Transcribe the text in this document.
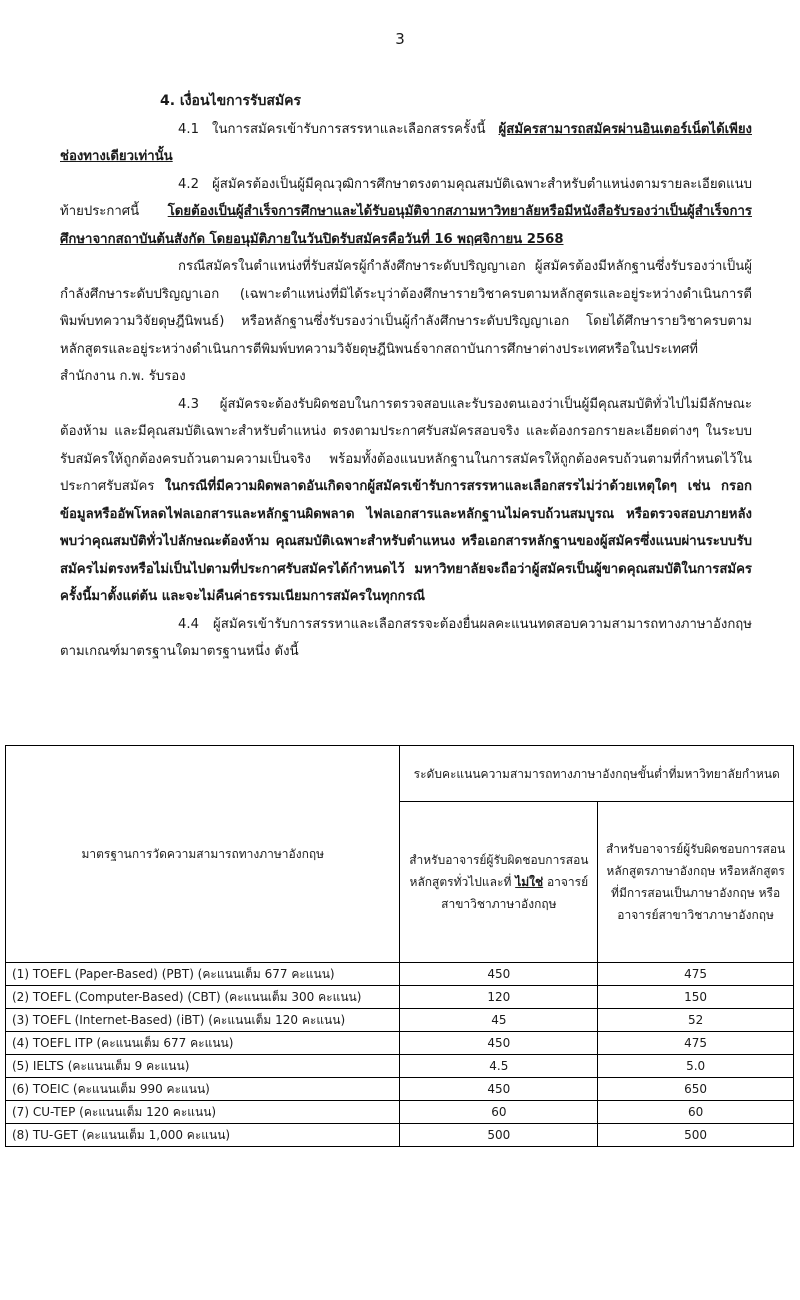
3

4. เงื่อนไขการรับสมัคร

4.1 ในการสมัครเข้ารับการสรรหาและเลือกสรรครั้งนี้ ผู้สมัครสามารถสมัครผ่านอินเตอร์เน็ตได้เพียงช่องทางเดียวเท่านั้น

4.2 ผู้สมัครต้องเป็นผู้มีคุณวุฒิการศึกษาตรงตามคุณสมบัติเฉพาะสำหรับตำแหน่งตามรายละเอียดแนบท้ายประกาศนี้ โดยต้องเป็นผู้สำเร็จการศึกษาและได้รับอนุมัติจากสภามหาวิทยาลัยหรือมีหนังสือรับรองว่าเป็นผู้สำเร็จการศึกษาจากสถาบันต้นสังกัด โดยอนุมัติภายในวันปิดรับสมัครคือวันที่ 16 พฤศจิกายน 2568

กรณีสมัครในตำแหน่งที่รับสมัครผู้กำลังศึกษาระดับปริญญาเอก ผู้สมัครต้องมีหลักฐานซึ่งรับรองว่าเป็นผู้กำลังศึกษาระดับปริญญาเอก (เฉพาะตำแหน่งที่มิได้ระบุว่าต้องศึกษารายวิชาครบตามหลักสูตรและอยู่ระหว่างดำเนินการตีพิมพ์บทความวิจัยดุษฎีนิพนธ์) หรือหลักฐานซึ่งรับรองว่าเป็นผู้กำลังศึกษาระดับปริญญาเอก โดยได้ศึกษารายวิชาครบตามหลักสูตรและอยู่ระหว่างดำเนินการตีพิมพ์บทความวิจัยดุษฎีนิพนธ์จากสถาบันการศึกษาต่างประเทศหรือในประเทศที่สำนักงาน ก.พ. รับรอง

4.3 ผู้สมัครจะต้องรับผิดชอบในการตรวจสอบและรับรองตนเองว่าเป็นผู้มีคุณสมบัติทั่วไปไม่มีลักษณะต้องห้าม และมีคุณสมบัติเฉพาะสำหรับตำแหน่ง ตรงตามประกาศรับสมัครสอบจริง และต้องกรอกรายละเอียดต่างๆ ในระบบรับสมัครให้ถูกต้องครบถ้วนตามความเป็นจริง พร้อมทั้งต้องแนบหลักฐานในการสมัครให้ถูกต้องครบถ้วนตามที่กำหนดไว้ในประกาศรับสมัคร ในกรณีที่มีความผิดพลาดอันเกิดจากผู้สมัครเข้ารับการสรรหาและเลือกสรรไม่ว่าด้วยเหตุใดๆ เช่น กรอกข้อมูลหรืออัพโหลดไฟลเอกสารและหลักฐานผิดพลาด ไฟลเอกสารและหลักฐานไม่ครบถ้วนสมบูรณ หรือตรวจสอบภายหลังพบว่าคุณสมบัติทั่วไปลักษณะต้องห้าม คุณสมบัติเฉพาะสำหรับตำแหนง หรือเอกสารหลักฐานของผู้สมัครซึ่งแนบผ่านระบบรับสมัครไม่ตรงหรือไม่เป็นไปตามที่ประกาศรับสมัครได้กำหนดไว้ มหาวิทยาลัยจะถือว่าผู้สมัครเป็นผู้ขาดคุณสมบัติในการสมัครครั้งนี้มาตั้งแต่ต้น และจะไม่คืนค่าธรรมเนียมการสมัครในทุกกรณี

4.4 ผู้สมัครเข้ารับการสรรหาและเลือกสรรจะต้องยื่นผลคะแนนทดสอบความสามารถทางภาษาอังกฤษตามเกณฑ์มาตรฐานใดมาตรฐานหนึ่ง ดังนี้

มาตรฐานการวัดความสามารถทางภาษาอังกฤษ	ระดับคะแนนความสามารถทางภาษาอังกฤษขั้นต่ำที่มหาวิทยาลัยกำหนด	
	สำหรับอาจารย์ผู้รับผิดชอบการสอนหลักสูตรทั่วไปและที่ ไม่ใช่ อาจารย์สาขาวิชาภาษาอังกฤษ	สำหรับอาจารย์ผู้รับผิดชอบการสอนหลักสูตรภาษาอังกฤษ หรือหลักสูตรที่มีการสอนเป็นภาษาอังกฤษ หรืออาจารย์สาขาวิชาภาษาอังกฤษ
(1) TOEFL (Paper-Based) (PBT) (คะแนนเต็ม 677 คะแนน)	450	475
(2) TOEFL (Computer-Based) (CBT) (คะแนนเต็ม 300 คะแนน)	120	150
(3) TOEFL (Internet-Based) (iBT) (คะแนนเต็ม 120 คะแนน)	45	52
(4) TOEFL ITP (คะแนนเต็ม 677 คะแนน)	450	475
(5) IELTS (คะแนนเต็ม 9 คะแนน)	4.5	5.0
(6) TOEIC (คะแนนเต็ม 990 คะแนน)	450	650
(7) CU-TEP (คะแนนเต็ม 120 คะแนน)	60	60
(8) TU-GET (คะแนนเต็ม 1,000 คะแนน)	500	500
